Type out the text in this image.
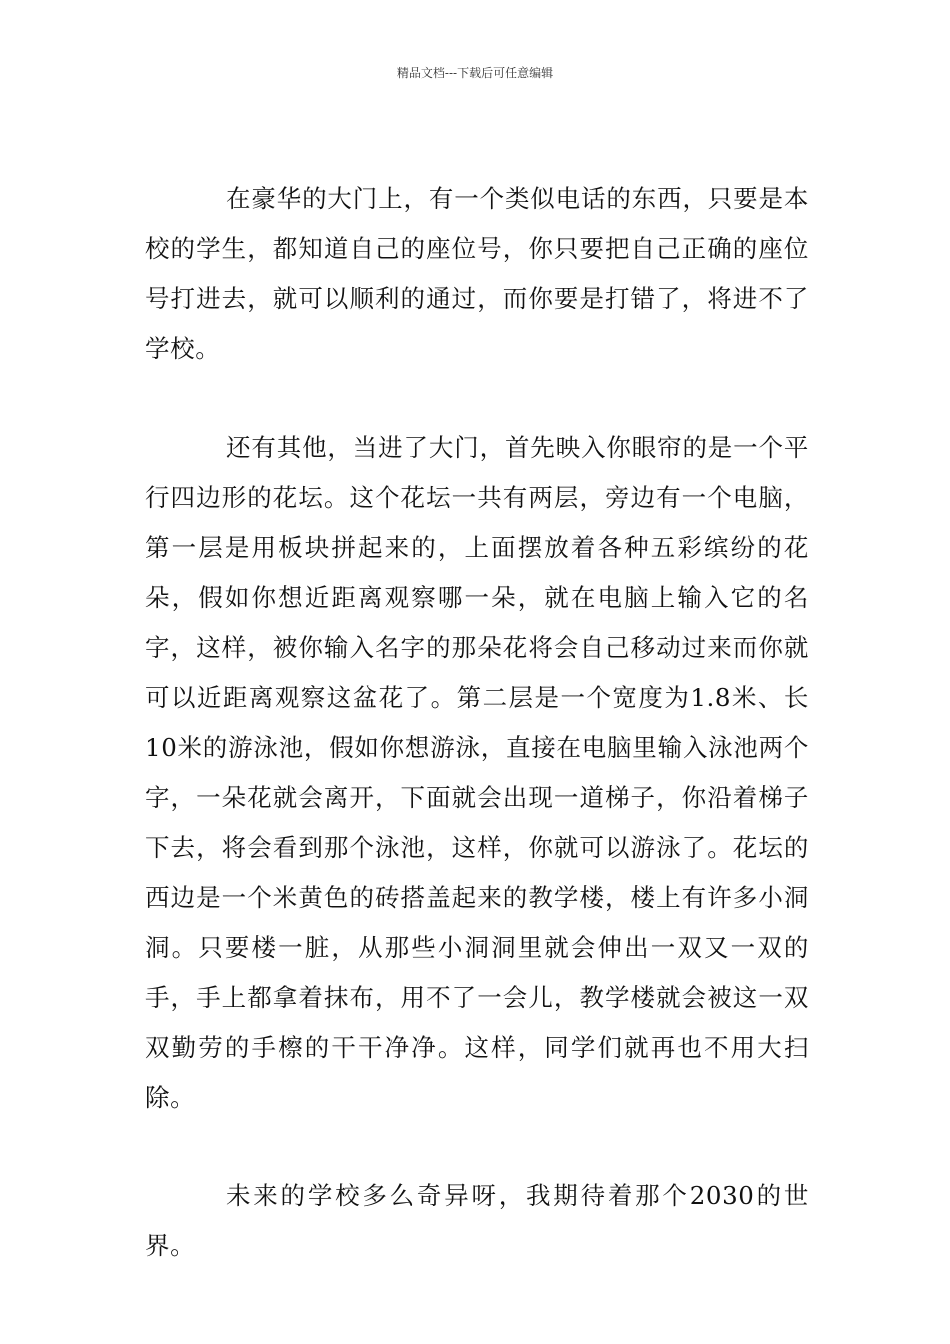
精品文档---下载后可任意编辑

在豪华的大门上，有一个类似电话的东西，只要是本校的学生，都知道自己的座位号，你只要把自己正确的座位号打进去，就可以顺利的通过，而你要是打错了，将进不了学校。

还有其他，当进了大门，首先映入你眼帘的是一个平行四边形的花坛。这个花坛一共有两层，旁边有一个电脑，第一层是用板块拼起来的，上面摆放着各种五彩缤纷的花朵，假如你想近距离观察哪一朵，就在电脑上输入它的名字，这样，被你输入名字的那朵花将会自己移动过来而你就可以近距离观察这盆花了。第二层是一个宽度为1.8米、长10米的游泳池，假如你想游泳，直接在电脑里输入泳池两个字，一朵花就会离开，下面就会出现一道梯子，你沿着梯子下去，将会看到那个泳池，这样，你就可以游泳了。花坛的西边是一个米黄色的砖搭盖起来的教学楼，楼上有许多小洞洞。只要楼一脏，从那些小洞洞里就会伸出一双又一双的手，手上都拿着抹布，用不了一会儿，教学楼就会被这一双双勤劳的手檫的干干净净。这样，同学们就再也不用大扫除。

未来的学校多么奇异呀，我期待着那个2030的世界。
